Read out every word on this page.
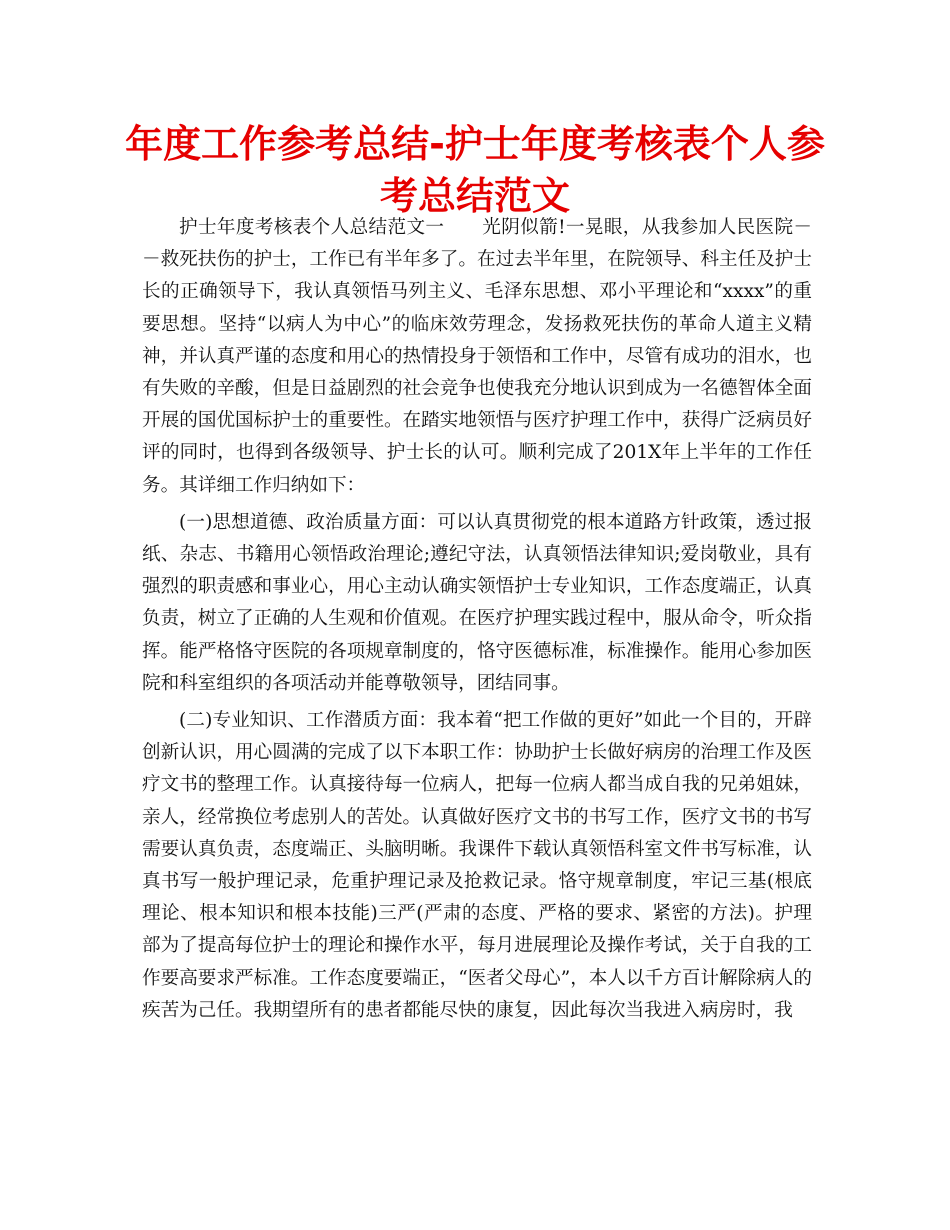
年度工作参考总结-护士年度考核表个人参考总结范文

护士年度考核表个人总结范文一　　光阴似箭!一晃眼，从我参加人民医院－－救死扶伤的护士，工作已有半年多了。在过去半年里，在院领导、科主任及护士长的正确领导下，我认真领悟马列主义、毛泽东思想、邓小平理论和“xxxx”的重要思想。坚持“以病人为中心”的临床效劳理念，发扬救死扶伤的革命人道主义精神，并认真严谨的态度和用心的热情投身于领悟和工作中，尽管有成功的泪水，也有失败的辛酸，但是日益剧烈的社会竞争也使我充分地认识到成为一名德智体全面开展的国优国标护士的重要性。在踏实地领悟与医疗护理工作中，获得广泛病员好评的同时，也得到各级领导、护士长的认可。顺利完成了201X年上半年的工作任务。其详细工作归纳如下：

(一)思想道德、政治质量方面：可以认真贯彻党的根本道路方针政策，透过报纸、杂志、书籍用心领悟政治理论;遵纪守法，认真领悟法律知识;爱岗敬业，具有强烈的职责感和事业心，用心主动认确实领悟护士专业知识，工作态度端正，认真负责，树立了正确的人生观和价值观。在医疗护理实践过程中，服从命令，听众指挥。能严格恪守医院的各项规章制度的，恪守医德标准，标准操作。能用心参加医院和科室组织的各项活动并能尊敬领导，团结同事。

(二)专业知识、工作潜质方面：我本着“把工作做的更好”如此一个目的，开辟创新认识，用心圆满的完成了以下本职工作：协助护士长做好病房的治理工作及医疗文书的整理工作。认真接待每一位病人，把每一位病人都当成自我的兄弟姐妹，亲人，经常换位考虑别人的苦处。认真做好医疗文书的书写工作，医疗文书的书写需要认真负责，态度端正、头脑明晰。我课件下载认真领悟科室文件书写标准，认真书写一般护理记录，危重护理记录及抢救记录。恪守规章制度，牢记三基(根底理论、根本知识和根本技能)三严(严肃的态度、严格的要求、紧密的方法)。护理部为了提高每位护士的理论和操作水平，每月进展理论及操作考试，关于自我的工作要高要求严标准。工作态度要端正，“医者父母心”，本人以千方百计解除病人的疾苦为己任。我期望所有的患者都能尽快的康复，因此每次当我进入病房时，我
